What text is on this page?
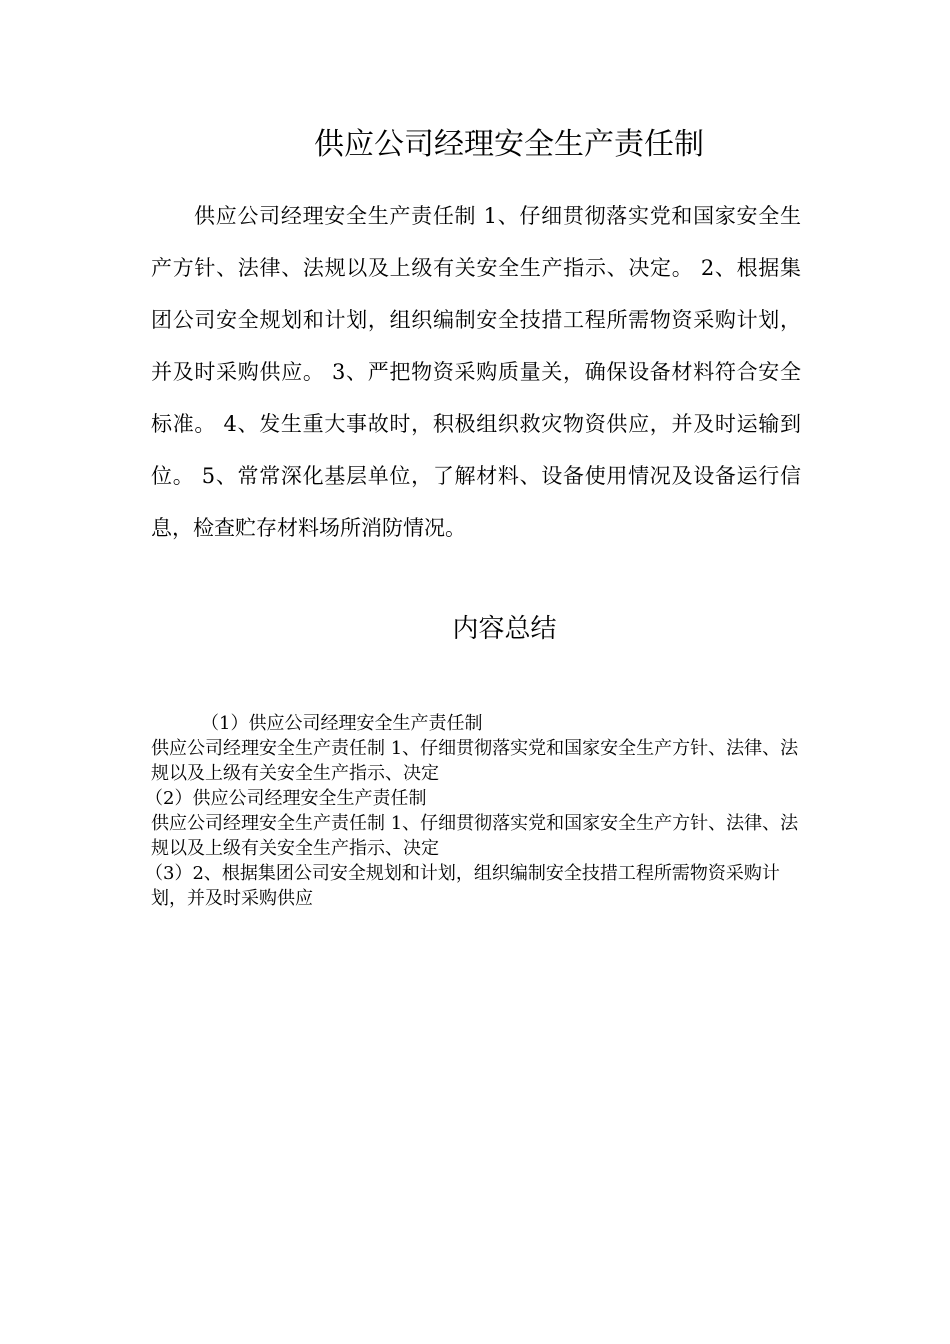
供应公司经理安全生产责任制

供应公司经理安全生产责任制 1、仔细贯彻落实党和国家安全生产方针、法律、法规以及上级有关安全生产指示、决定。 2、根据集团公司安全规划和计划，组织编制安全技措工程所需物资采购计划，并及时采购供应。 3、严把物资采购质量关，确保设备材料符合安全标准。 4、发生重大事故时，积极组织救灾物资供应，并及时运输到位。 5、常常深化基层单位，了解材料、设备使用情况及设备运行信息，检查贮存材料场所消防情况。

内容总结
（1）供应公司经理安全生产责任制
供应公司经理安全生产责任制 1、仔细贯彻落实党和国家安全生产方针、法律、法规以及上级有关安全生产指示、决定
（2）供应公司经理安全生产责任制
供应公司经理安全生产责任制 1、仔细贯彻落实党和国家安全生产方针、法律、法规以及上级有关安全生产指示、决定
（3）2、根据集团公司安全规划和计划，组织编制安全技措工程所需物资采购计划，并及时采购供应
